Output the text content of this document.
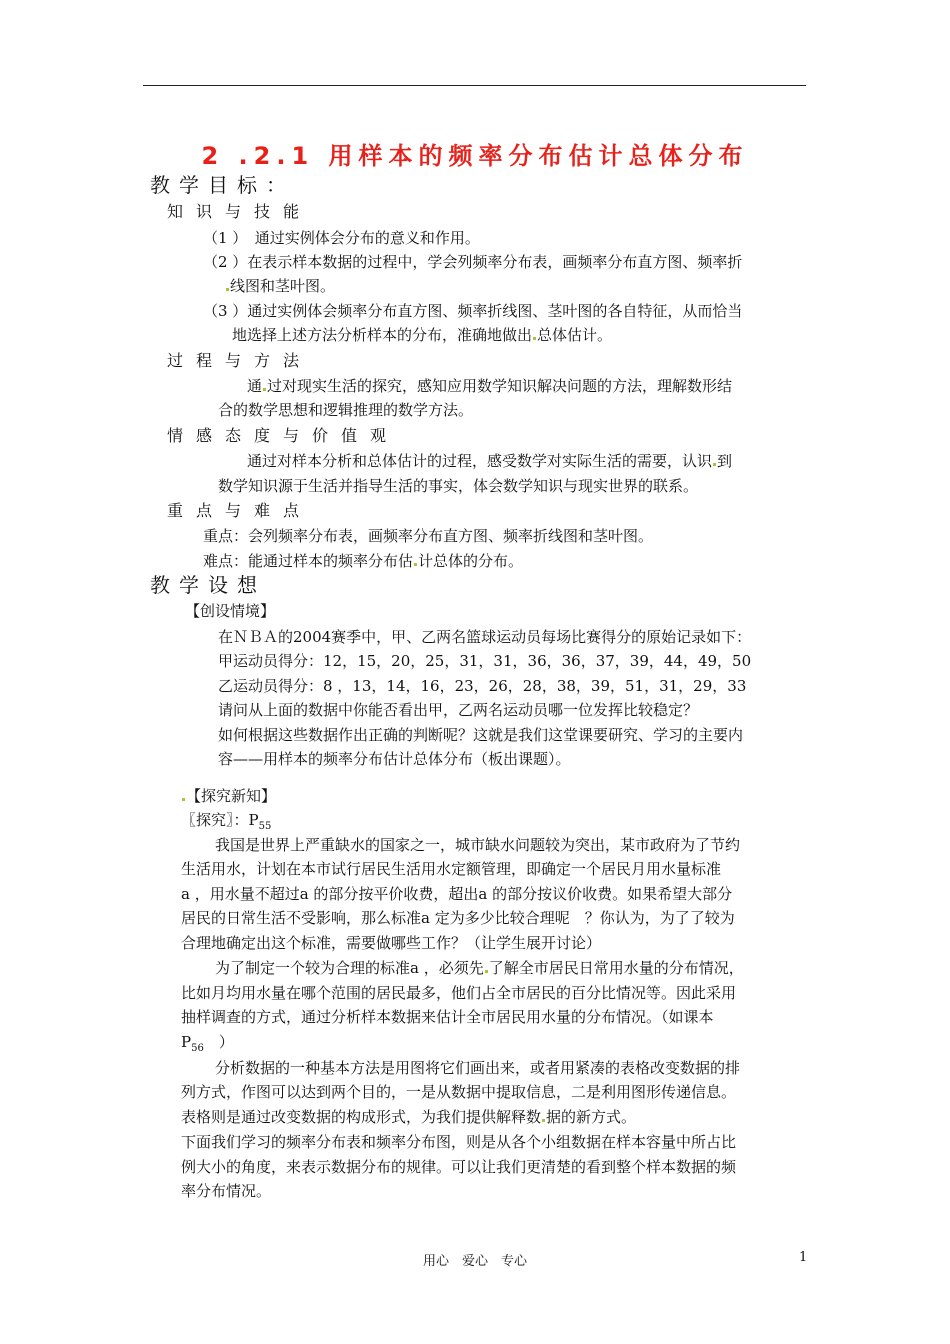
2 .2.1 用样本的频率分布估计总体分布
教学目标：
知识与技能
（1 ）　通过实例体会分布的意义和作用。
（2 ）在表示样本数据的过程中，学会列频率分布表，画频率分布直方图、频率折
线图和茎叶图。
（3 ）通过实例体会频率分布直方图、频率折线图、茎叶图的各自特征，从而恰当
地选择上述方法分析样本的分布，准确地做出 总体估计。
过程与方法
通 过对现实生活的探究，感知应用数学知识解决问题的方法，理解数形结
合的数学思想和逻辑推理的数学方法。
情感态度与价值观
通过对样本分析和总体估计的过程，感受数学对实际生活的需要，认识 到
数学知识源于生活并指导生活的事实，体会数学知识与现实世界的联系。
重点与难点
重点：会列频率分布表，画频率分布直方图、频率折线图和茎叶图。
难点：能通过样本的频率分布估 计总体的分布。
教学设想
【创设情境】
在ＮＢＡ的2004赛季中，甲、乙两名篮球运动员每场比赛得分的原始记录如下：
甲运动员得分：12，15，20，25，31，31，36，36，37，39，44，49，50
乙运动员得分：8 ，13，14，16，23，26，28，38，39，51，31，29，33
请问从上面的数据中你能否看出甲，乙两名运动员哪一位发挥比较稳定？
如何根据这些数据作出正确的判断呢？这就是我们这堂课要研究、学习的主要内
容——用样本的频率分布估计总体分布（板出课题）。
【探究新知】
〖探究〗：$P_{55}$
我国是世界上严重缺水的国家之一，城市缺水问题较为突出，某市政府为了节约
生活用水，计划在本市试行居民生活用水定额管理，即确定一个居民月用水量标准
a ，用水量不超过a 的部分按平价收费，超出a 的部分按议价收费。如果希望大部分
居民的日常生活不受影响，那么标准a 定为多少比较合理呢　？你认为，为了了较为
合理地确定出这个标准，需要做哪些工作？（让学生展开讨论）
为了制定一个较为合理的标准a ，必须先 了解全市居民日常用水量的分布情况，
比如月均用水量在哪个范围的居民最多，他们占全市居民的百分比情况等。因此采用
抽样调查的方式，通过分析样本数据来估计全市居民用水量的分布情况。（如课本
$P_{56}$　）
分析数据的一种基本方法是用图将它们画出来，或者用紧凑的表格改变数据的排
列方式，作图可以达到两个目的，一是从数据中提取信息，二是利用图形传递信息。
表格则是通过改变数据的构成形式，为我们提供解释数 据的新方式。
下面我们学习的频率分布表和频率分布图，则是从各个小组数据在样本容量中所占比
例大小的角度，来表示数据分布的规律。可以让我们更清楚的看到整个样本数据的频
率分布情况。
用心　爱心　专心	1
